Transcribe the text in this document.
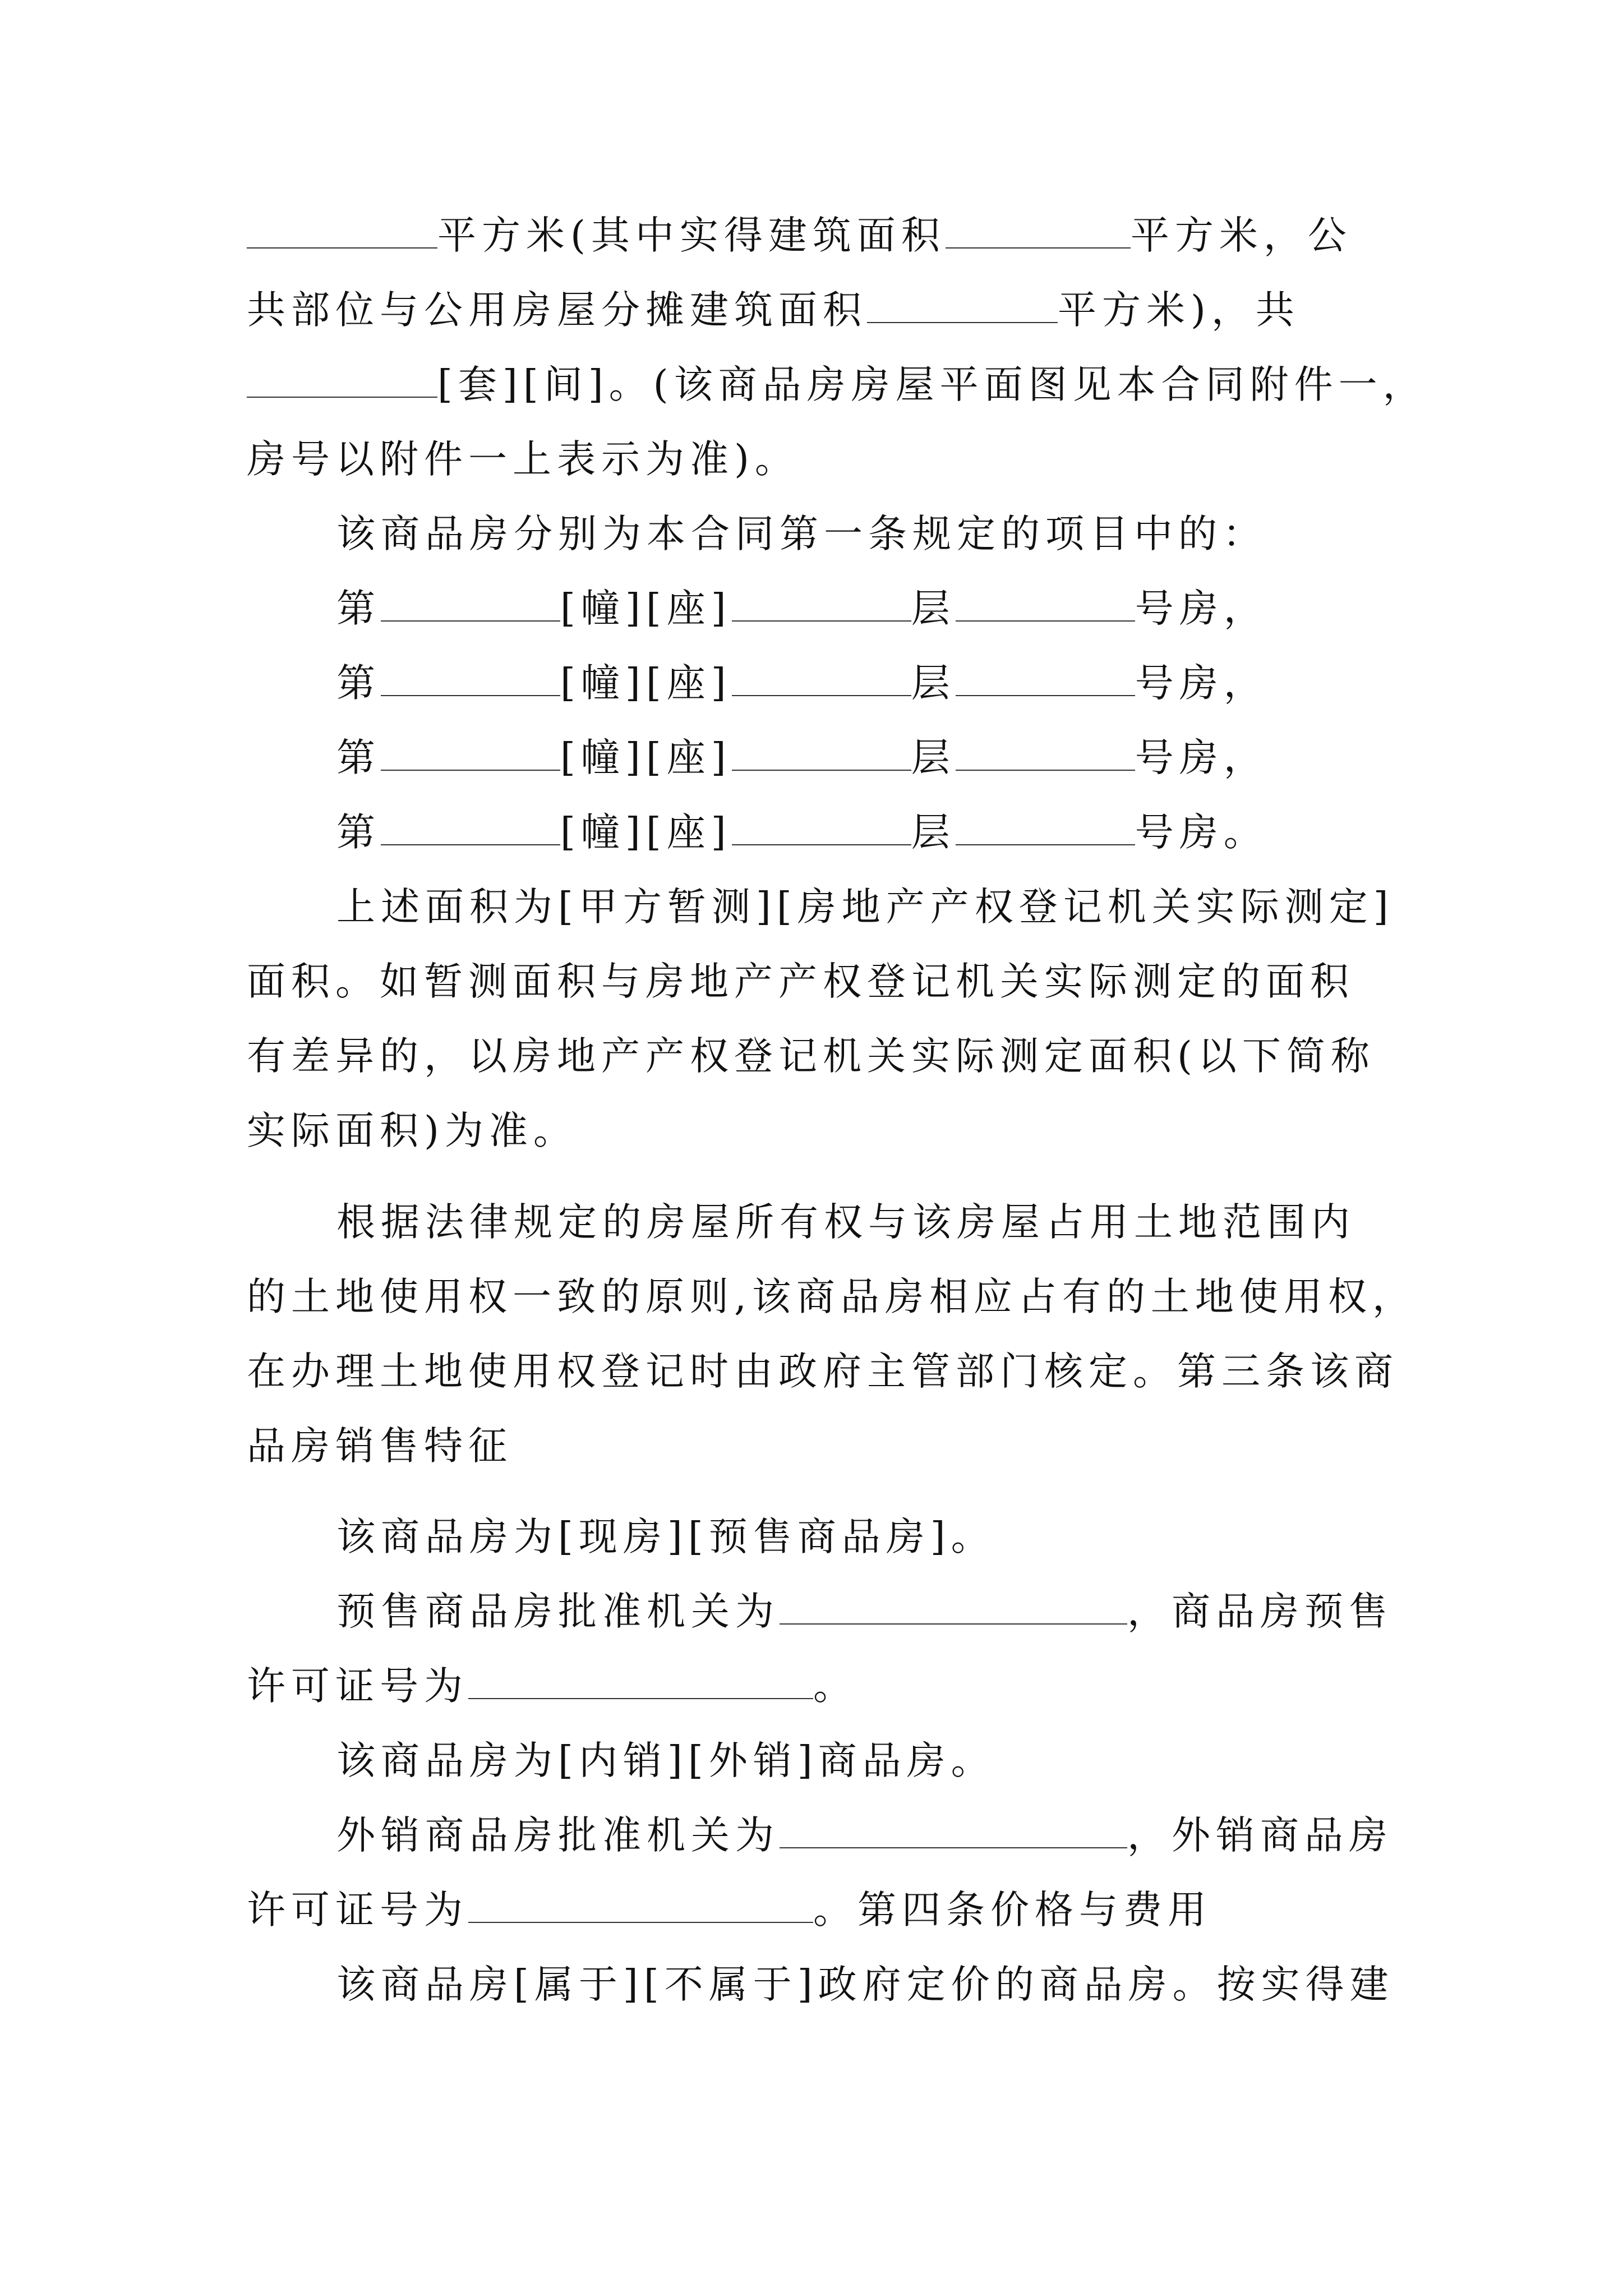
平方米(其中实得建筑面积	平方米，公
共部位与公用房屋分摊建筑面积	平方米)，共
[套][间]。(该商品房房屋平面图见本合同附件一，
房号以附件一上表示为准)。
该商品房分别为本合同第一条规定的项目中的：
第	[幢][座]	层	号房，
第	[幢][座]	层	号房，
第	[幢][座]	层	号房，
第	[幢][座]	层	号房。
上述面积为[甲方暂测][房地产产权登记机关实际测定]
面积。如暂测面积与房地产产权登记机关实际测定的面积
有差异的，以房地产产权登记机关实际测定面积(以下简称
实际面积)为准。
根据法律规定的房屋所有权与该房屋占用土地范围内
的土地使用权一致的原则,该商品房相应占有的土地使用权，
在办理土地使用权登记时由政府主管部门核定。第三条该商
品房销售特征
该商品房为[现房][预售商品房]。
预售商品房批准机关为	，商品房预售
许可证号为	。
该商品房为[内销][外销]商品房。
外销商品房批准机关为	，外销商品房
许可证号为	。第四条价格与费用
该商品房[属于][不属于]政府定价的商品房。按实得建
